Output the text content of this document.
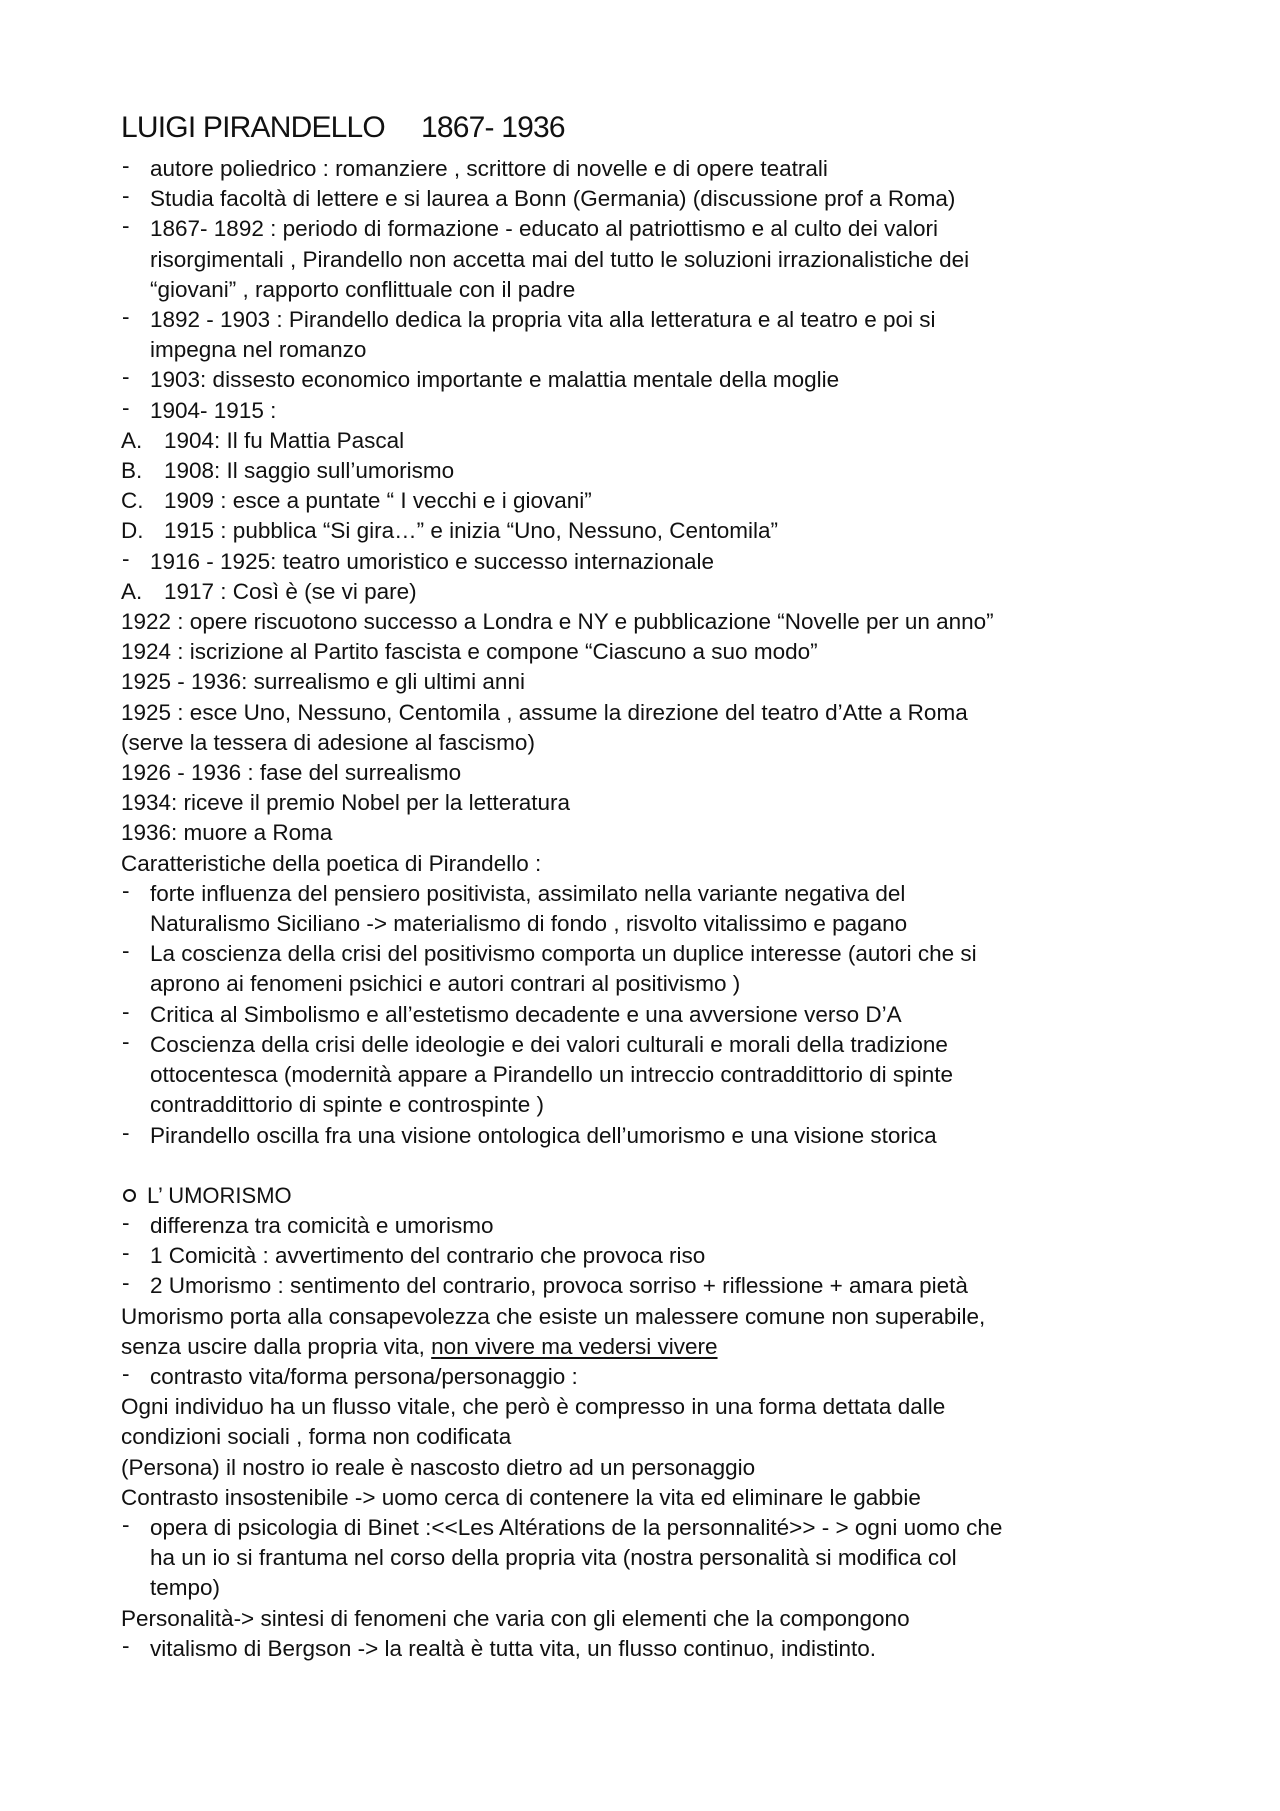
LUIGI PIRANDELLO 1867- 1936
- autore poliedrico : romanziere , scrittore di novelle e di opere teatrali
- Studia facoltà di lettere e si laurea a Bonn (Germania) (discussione prof a Roma)
- 1867- 1892 : periodo di formazione - educato al patriottismo e al culto dei valori
risorgimentali , Pirandello non accetta mai del tutto le soluzioni irrazionalistiche dei
“giovani” , rapporto conflittuale con il padre
- 1892 - 1903 : Pirandello dedica la propria vita alla letteratura e al teatro e poi si
impegna nel romanzo
- 1903: dissesto economico importante e malattia mentale della moglie
- 1904- 1915 :
A. 1904: Il fu Mattia Pascal
B. 1908: Il saggio sull’umorismo
C. 1909 : esce a puntate “ I vecchi e i giovani”
D. 1915 : pubblica “Si gira…” e inizia “Uno, Nessuno, Centomila”
- 1916 - 1925: teatro umoristico e successo internazionale
A. 1917 : Così è (se vi pare)
1922 : opere riscuotono successo a Londra e NY e pubblicazione “Novelle per un anno”
1924 : iscrizione al Partito fascista e compone “Ciascuno a suo modo”
1925 - 1936: surrealismo e gli ultimi anni
1925 : esce Uno, Nessuno, Centomila , assume la direzione del teatro d’Atte a Roma
(serve la tessera di adesione al fascismo)
1926 - 1936 : fase del surrealismo
1934: riceve il premio Nobel per la letteratura
1936: muore a Roma
Caratteristiche della poetica di Pirandello :
- forte influenza del pensiero positivista, assimilato nella variante negativa del
Naturalismo Siciliano -> materialismo di fondo , risvolto vitalissimo e pagano
- La coscienza della crisi del positivismo comporta un duplice interesse (autori che si
aprono ai fenomeni psichici e autori contrari al positivismo )
- Critica al Simbolismo e all’estetismo decadente e una avversione verso D’A
- Coscienza della crisi delle ideologie e dei valori culturali e morali della tradizione
ottocentesca (modernità appare a Pirandello un intreccio contraddittorio di spinte
contraddittorio di spinte e controspinte )
- Pirandello oscilla fra una visione ontologica dell’umorismo e una visione storica
L’ UMORISMO
- differenza tra comicità e umorismo
- 1 Comicità : avvertimento del contrario che provoca riso
- 2 Umorismo : sentimento del contrario, provoca sorriso + riflessione + amara pietà
Umorismo porta alla consapevolezza che esiste un malessere comune non superabile,
senza uscire dalla propria vita, non vivere ma vedersi vivere
- contrasto vita/forma persona/personaggio :
Ogni individuo ha un flusso vitale, che però è compresso in una forma dettata dalle
condizioni sociali , forma non codificata
(Persona) il nostro io reale è nascosto dietro ad un personaggio
Contrasto insostenibile -> uomo cerca di contenere la vita ed eliminare le gabbie
- opera di psicologia di Binet :<<Les Altérations de la personnalité>> - > ogni uomo che
ha un io si frantuma nel corso della propria vita (nostra personalità si modifica col
tempo)
Personalità-> sintesi di fenomeni che varia con gli elementi che la compongono
- vitalismo di Bergson -> la realtà è tutta vita, un flusso continuo, indistinto.
